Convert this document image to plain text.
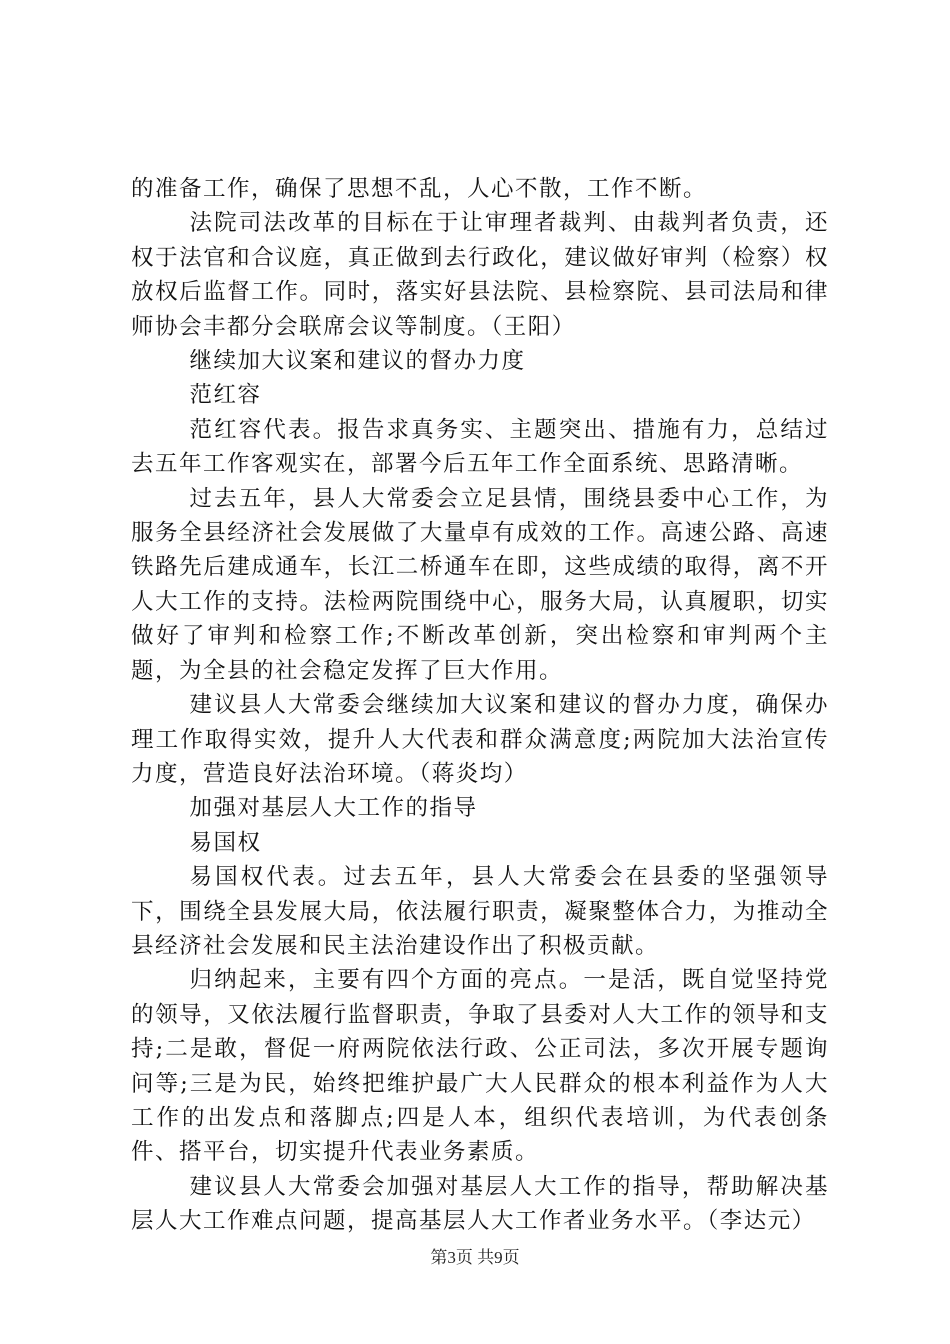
的准备工作，确保了思想不乱，人心不散，工作不断。

法院司法改革的目标在于让审理者裁判、由裁判者负责，还权于法官和合议庭，真正做到去行政化，建议做好审判（检察）权放权后监督工作。同时，落实好县法院、县检察院、县司法局和律师协会丰都分会联席会议等制度。（王阳）

继续加大议案和建议的督办力度

范红容

范红容代表。报告求真务实、主题突出、措施有力，总结过去五年工作客观实在，部署今后五年工作全面系统、思路清晰。

过去五年，县人大常委会立足县情，围绕县委中心工作，为服务全县经济社会发展做了大量卓有成效的工作。高速公路、高速铁路先后建成通车，长江二桥通车在即，这些成绩的取得，离不开人大工作的支持。法检两院围绕中心，服务大局，认真履职，切实做好了审判和检察工作;不断改革创新，突出检察和审判两个主题，为全县的社会稳定发挥了巨大作用。

建议县人大常委会继续加大议案和建议的督办力度，确保办理工作取得实效，提升人大代表和群众满意度;两院加大法治宣传力度，营造良好法治环境。（蒋炎均）

加强对基层人大工作的指导

易国权

易国权代表。过去五年，县人大常委会在县委的坚强领导下，围绕全县发展大局，依法履行职责，凝聚整体合力，为推动全县经济社会发展和民主法治建设作出了积极贡献。

归纳起来，主要有四个方面的亮点。一是活，既自觉坚持党的领导，又依法履行监督职责，争取了县委对人大工作的领导和支持;二是敢，督促一府两院依法行政、公正司法，多次开展专题询问等;三是为民，始终把维护最广大人民群众的根本利益作为人大工作的出发点和落脚点;四是人本，组织代表培训，为代表创条件、搭平台，切实提升代表业务素质。

建议县人大常委会加强对基层人大工作的指导，帮助解决基层人大工作难点问题，提高基层人大工作者业务水平。（李达元）

第3页 共9页
